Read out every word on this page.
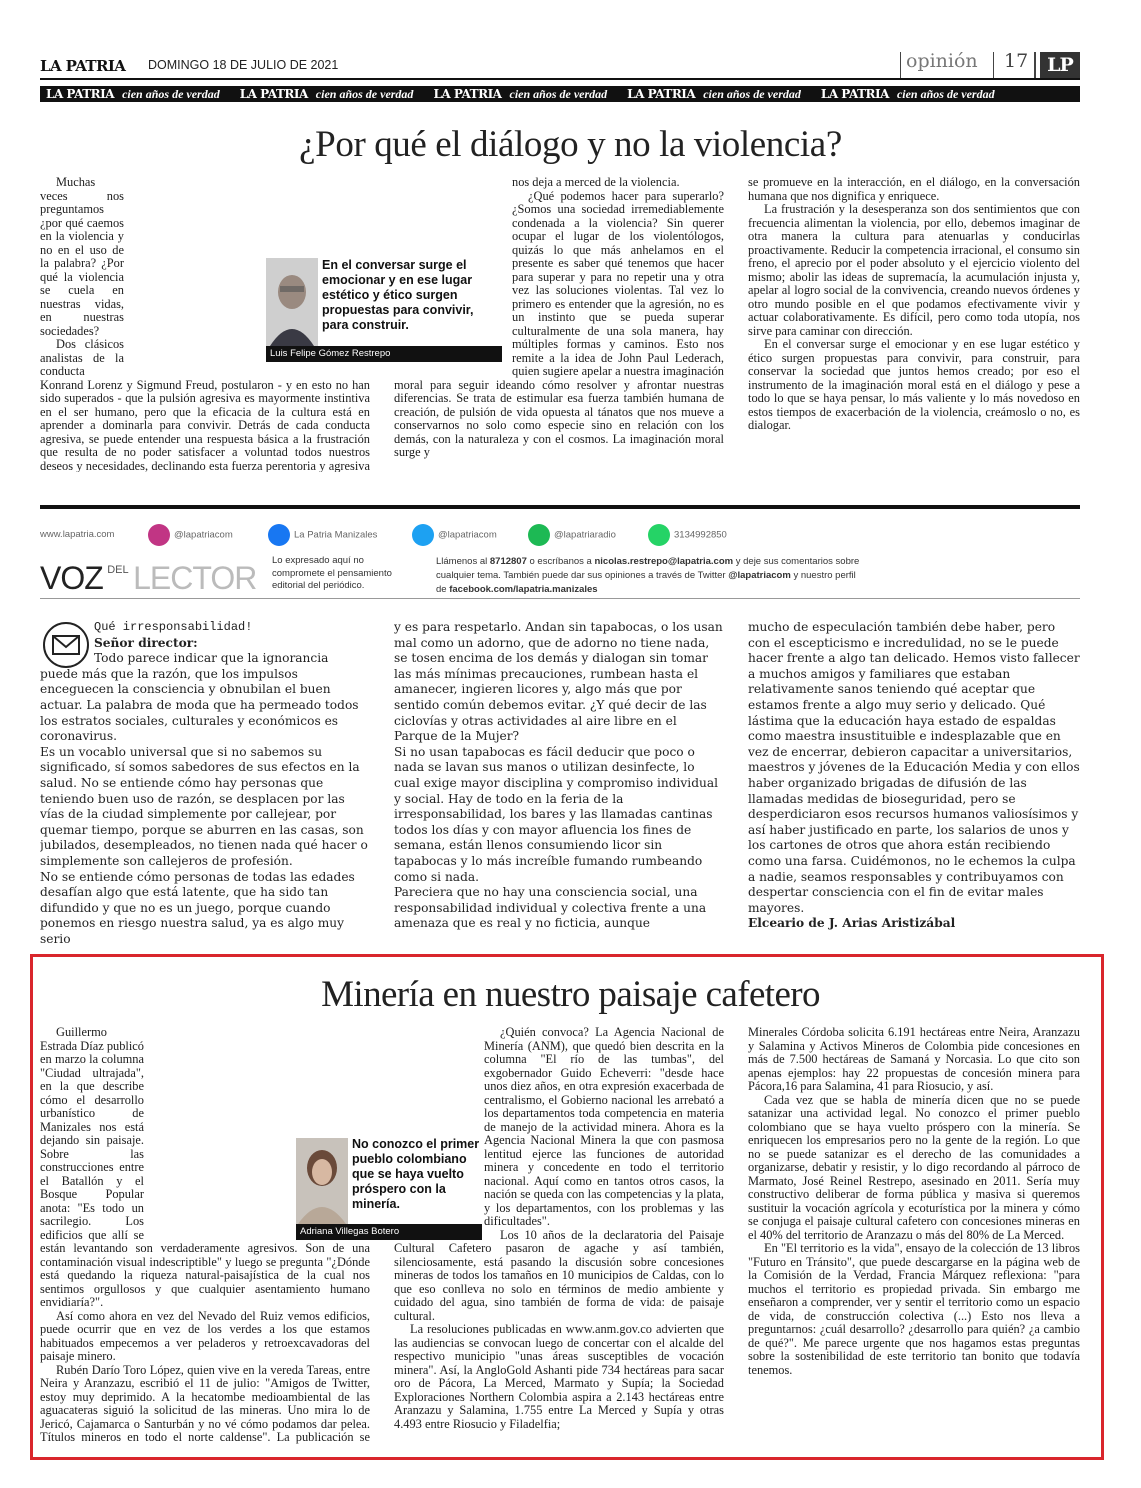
LA PATRIA DOMINGO 18 DE JULIO DE 2021	opinión 17 LP
LA PATRIA cien años de verdad LA PATRIA cien años de verdad LA PATRIA cien años de verdad LA PATRIA cien años de verdad LA PATRIA cien años de verdad
¿Por qué el diálogo y no la violencia?

Muchas veces nos preguntamos ¿por qué caemos en la violencia y no en el uso de la palabra? ¿Por qué la violencia se cuela en nuestras vidas, en nuestras sociedades?

Dos clásicos analistas de la conducta Konrand Lorenz y Sigmund Freud, postularon - y en esto no han sido superados - que la pulsión agresiva es mayormente instintiva en el ser humano, pero que la eficacia de la cultura está en aprender a dominarla para convivir. Detrás de cada conducta agresiva, se puede entender una respuesta básica a la frustración que resulta de no poder satisfacer a voluntad todos nuestros deseos y necesidades, declinando esta fuerza perentoria y agresiva

nos deja a merced de la violencia.

¿Qué podemos hacer para superarlo? ¿Somos una sociedad irremediablemente condenada a la violencia? Sin querer ocupar el lugar de los violentólogos, quizás lo que más anhelamos en el presente es saber qué tenemos que hacer para superar y para no repetir una y otra vez las soluciones violentas. Tal vez lo primero es entender que la agresión, no es un instinto que se pueda superar culturalmente de una sola manera, hay múltiples formas y caminos. Esto nos remite a la idea de John Paul Lederach, quien sugiere apelar a nuestra imaginación moral para seguir ideando cómo resolver y afrontar nuestras diferencias. Se trata de estimular esa fuerza también humana de creación, de pulsión de vida opuesta al tánatos que nos mueve a conservarnos no solo como especie sino en relación con los demás, con la naturaleza y con el cosmos. La imaginación moral surge y

se promueve en la interacción, en el diálogo, en la conversación humana que nos dignifica y enriquece.

La frustración y la desesperanza son dos sentimientos que con frecuencia alimentan la violencia, por ello, debemos imaginar de otra manera la cultura para atenuarlas y conducirlas proactivamente. Reducir la competencia irracional, el consumo sin freno, el aprecio por el poder absoluto y el ejercicio violento del mismo; abolir las ideas de supremacía, la acumulación injusta y, apelar al logro social de la convivencia, creando nuevos órdenes y otro mundo posible en el que podamos efectivamente vivir y actuar colaborativamente. Es difícil, pero como toda utopía, nos sirve para caminar con dirección.

En el conversar surge el emocionar y en ese lugar estético y ético surgen propuestas para convivir, para construir, para conservar la sociedad que juntos hemos creado; por eso el instrumento de la imaginación moral está en el diálogo y pese a todo lo que se haya pensar, lo más valiente y lo más novedoso en estos tiempos de exacerbación de la violencia, creámoslo o no, es dialogar.

En el conversar surge el emocionar y en ese lugar estético y ético surgen propuestas para convivir, para construir.
Luis Felipe Gómez Restrepo
www.lapatria.com	@lapatriacom	La Patria Manizales	@lapatriacom	@lapatriaradio	3134992850
VOZ $^{DEL}$ LECTOR Lo expresado aquí no compromete el pensamiento editorial del periódico.
Llámenos al 8712807 o escríbanos a nicolas.restrepo@lapatria.com y deje sus comentarios sobre cualquier tema. También puede dar sus opiniones a través de Twitter @lapatriacom y nuestro perfil de facebook.com/lapatria.manizales

Qué irresponsabilidad!

Señor director:

Todo parece indicar que la ignorancia puede más que la razón, que los impulsos enceguecen la consciencia y obnubilan el buen actuar. La palabra de moda que ha permeado todos los estratos sociales, culturales y económicos es coronavirus.

Es un vocablo universal que si no sabemos su significado, sí somos sabedores de sus efectos en la salud. No se entiende cómo hay personas que teniendo buen uso de razón, se desplacen por las vías de la ciudad simplemente por callejear, por quemar tiempo, porque se aburren en las casas, son jubilados, desempleados, no tienen nada qué hacer o simplemente son callejeros de profesión.

No se entiende cómo personas de todas las edades desafían algo que está latente, que ha sido tan difundido y que no es un juego, porque cuando ponemos en riesgo nuestra salud, ya es algo muy serio

y es para respetarlo. Andan sin tapabocas, o los usan mal como un adorno, que de adorno no tiene nada, se tosen encima de los demás y dialogan sin tomar las más mínimas precauciones, rumbean hasta el amanecer, ingieren licores y, algo más que por sentido común debemos evitar. ¿Y qué decir de las ciclovías y otras actividades al aire libre en el Parque de la Mujer?

Si no usan tapabocas es fácil deducir que poco o nada se lavan sus manos o utilizan desinfecte, lo cual exige mayor disciplina y compromiso individual y social. Hay de todo en la feria de la irresponsabilidad, los bares y las llamadas cantinas todos los días y con mayor afluencia los fines de semana, están llenos consumiendo licor sin tapabocas y lo más increíble fumando rumbeando como si nada.

Pareciera que no hay una consciencia social, una responsabilidad individual y colectiva frente a una amenaza que es real y no ficticia, aunque

mucho de especulación también debe haber, pero con el escepticismo e incredulidad, no se le puede hacer frente a algo tan delicado. Hemos visto fallecer a muchos amigos y familiares que estaban relativamente sanos teniendo qué aceptar que estamos frente a algo muy serio y delicado. Qué lástima que la educación haya estado de espaldas como maestra insustituible e indesplazable que en vez de encerrar, debieron capacitar a universitarios, maestros y jóvenes de la Educación Media y con ellos haber organizado brigadas de difusión de las llamadas medidas de bioseguridad, pero se desperdiciaron esos recursos humanos valiosísimos y así haber justificado en parte, los salarios de unos y los cartones de otros que ahora están recibiendo como una farsa. Cuidémonos, no le echemos la culpa a nadie, seamos responsables y contribuyamos con despertar consciencia con el fin de evitar males mayores.

Elceario de J. Arias Aristizábal

Minería en nuestro paisaje cafetero

Guillermo Estrada Díaz publicó en marzo la columna "Ciudad ultrajada", en la que describe cómo el desarrollo urbanístico de Manizales nos está dejando sin paisaje. Sobre las construcciones entre el Batallón y el Bosque Popular anota: "Es todo un sacrilegio. Los edificios que allí se están levantando son verdaderamente agresivos. Son de una contaminación visual indescriptible" y luego se pregunta "¿Dónde está quedando la riqueza natural-paisajística de la cual nos sentimos orgullosos y que cualquier asentamiento humano envidiaría?".

Así como ahora en vez del Nevado del Ruiz vemos edificios, puede ocurrir que en vez de los verdes a los que estamos habituados empecemos a ver peladeros y retroexcavadoras del paisaje minero.

Rubén Darío Toro López, quien vive en la vereda Tareas, entre Neira y Aranzazu, escribió el 11 de julio: "Amigos de Twitter, estoy muy deprimido. A la hecatombe medioambiental de las aguacateras siguió la solicitud de las mineras. Uno mira lo de Jericó, Cajamarca o Santurbán y no vé cómo podamos dar pelea. Títulos mineros en todo el norte caldense". La publicación se

¿Quién convoca? La Agencia Nacional de Minería (ANM), que quedó bien descrita en la columna "El río de las tumbas", del exgobernador Guido Echeverri: "desde hace unos diez años, en otra expresión exacerbada de centralismo, el Gobierno nacional les arrebató a los departamentos toda competencia en materia de manejo de la actividad minera. Ahora es la Agencia Nacional Minera la que con pasmosa lentitud ejerce las funciones de autoridad minera y concedente en todo el territorio nacional. Aquí como en tantos otros casos, la nación se queda con las competencias y la plata, y los departamentos, con los problemas y las dificultades".

Los 10 años de la declaratoria del Paisaje Cultural Cafetero pasaron de agache y así también, silenciosamente, está pasando la discusión sobre concesiones mineras de todos los tamaños en 10 municipios de Caldas, con lo que eso conlleva no solo en términos de medio ambiente y cuidado del agua, sino también de forma de vida: de paisaje cultural.

La resoluciones publicadas en www.anm.gov.co advierten que las audiencias se convocan luego de concertar con el alcalde del respectivo municipio "unas áreas susceptibles de vocación minera". Así, la AngloGold Ashanti pide 734 hectáreas para sacar oro de Pácora, La Merced, Marmato y Supía; la Sociedad Exploraciones Northern Colombia aspira a 2.143 hectáreas entre Aranzazu y Salamina, 1.755 entre La Merced y Supía y otras 4.493 entre Riosucio y Filadelfia;

Minerales Córdoba solicita 6.191 hectáreas entre Neira, Aranzazu y Salamina y Activos Mineros de Colombia pide concesiones en más de 7.500 hectáreas de Samaná y Norcasia. Lo que cito son apenas ejemplos: hay 22 propuestas de concesión minera para Pácora,16 para Salamina, 41 para Riosucio, y así.

Cada vez que se habla de minería dicen que no se puede satanizar una actividad legal. No conozco el primer pueblo colombiano que se haya vuelto próspero con la minería. Se enriquecen los empresarios pero no la gente de la región. Lo que no se puede satanizar es el derecho de las comunidades a organizarse, debatir y resistir, y lo digo recordando al párroco de Marmato, José Reinel Restrepo, asesinado en 2011. Sería muy constructivo deliberar de forma pública y masiva si queremos sustituir la vocación agrícola y ecoturística por la minera y cómo se conjuga el paisaje cultural cafetero con concesiones mineras en el 40% del territorio de Aranzazu o más del 80% de La Merced.

En "El territorio es la vida", ensayo de la colección de 13 libros "Futuro en Tránsito", que puede descargarse en la página web de la Comisión de la Verdad, Francia Márquez reflexiona: "para muchos el territorio es propiedad privada. Sin embargo me enseñaron a comprender, ver y sentir el territorio como un espacio de vida, de construcción colectiva (...) Esto nos lleva a preguntarnos: ¿cuál desarrollo? ¿desarrollo para quién? ¿a cambio de qué?". Me parece urgente que nos hagamos estas preguntas sobre la sostenibilidad de este territorio tan bonito que todavía tenemos.

No conozco el primer pueblo colombiano que se haya vuelto próspero con la minería.
Adriana Villegas Botero
